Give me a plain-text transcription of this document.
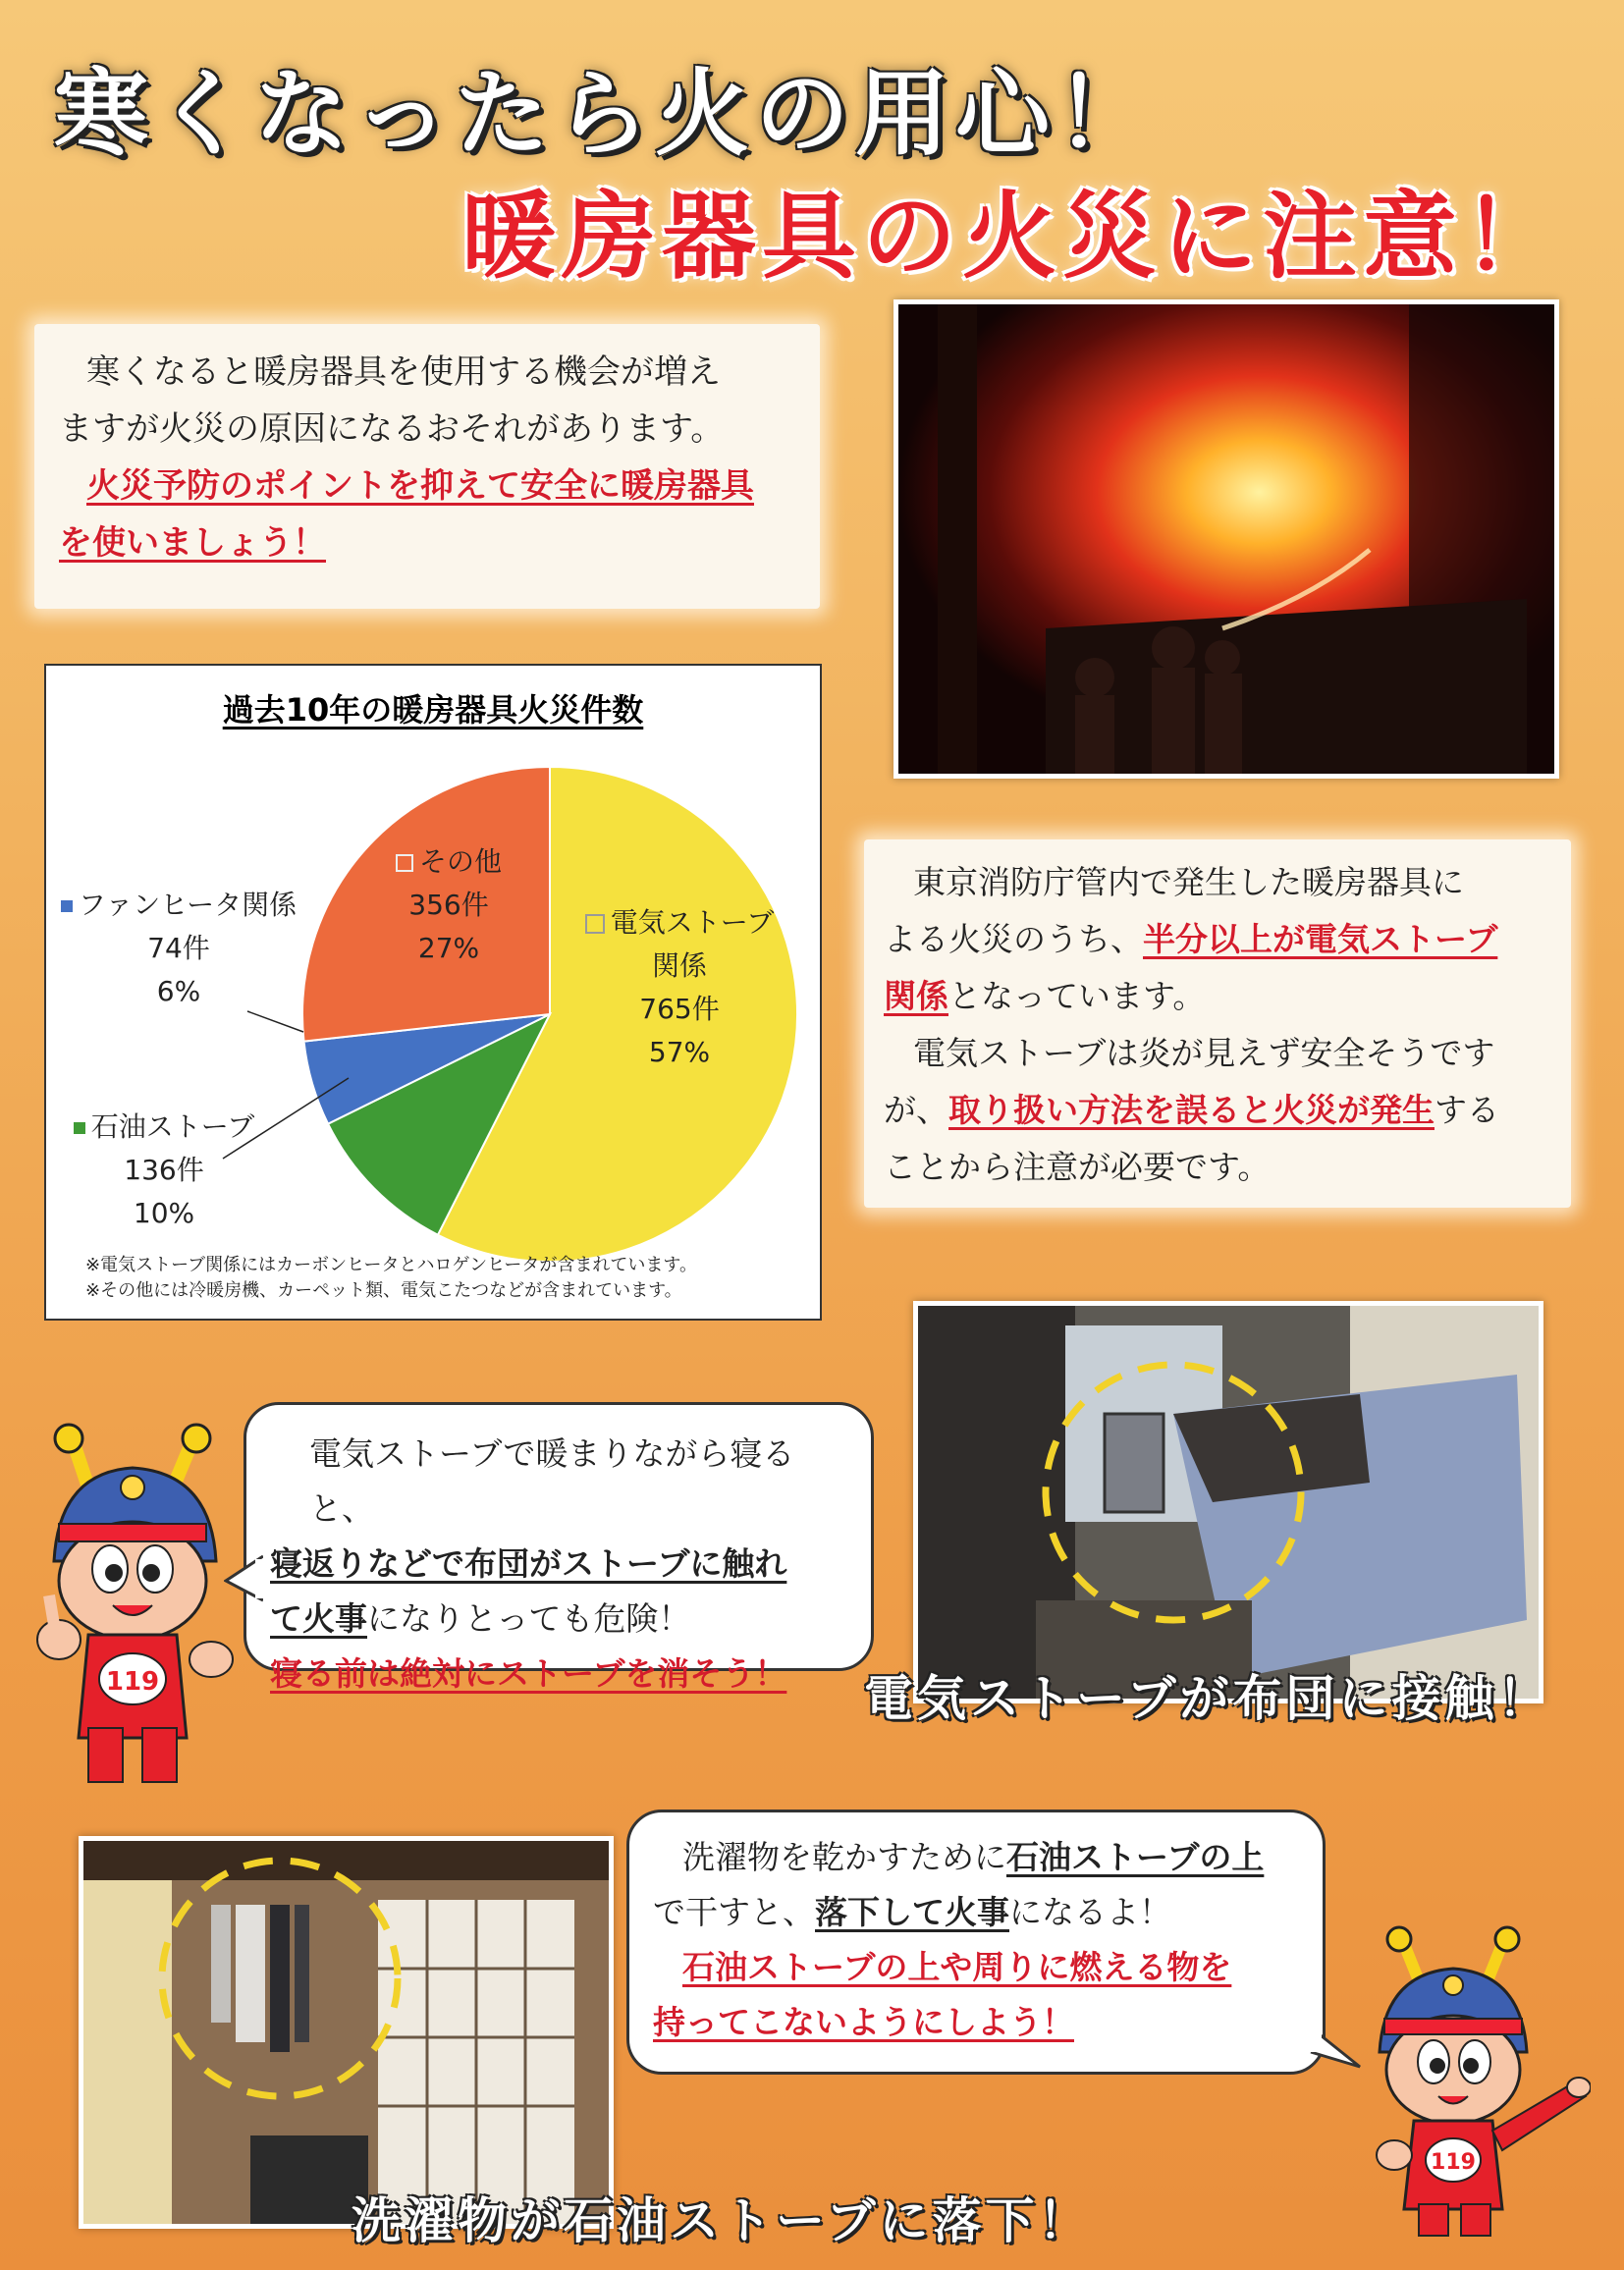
寒くなったら火の用心！
暖房器具の火災に注意！
寒くなると暖房器具を使用する機会が増え
ますが火災の原因になるおそれがあります。
火災予防のポイントを抑えて安全に暖房器具
を使いましょう！
過去10年の暖房器具火災件数
電気ストーブ
関係
765件
57%
その他
356件
27%
ファンヒータ関係
74件
6%
石油ストーブ
136件
10%
※電気ストーブ関係にはカーボンヒータとハロゲンヒータが含まれています。
※その他には冷暖房機、カーペット類、電気こたつなどが含まれています。
東京消防庁管内で発生した暖房器具に
よる火災のうち、半分以上が電気ストーブ
関係となっています。
電気ストーブは炎が見えず安全そうです
が、取り扱い方法を誤ると火災が発生する
ことから注意が必要です。
電気ストーブで暖まりながら寝ると、
寝返りなどで布団がストーブに触れ
て火事になりとっても危険！
寝る前は絶対にストーブを消そう！
119	電気ストーブが布団に接触！
洗濯物が石油ストーブに落下！
洗濯物を乾かすために石油ストーブの上
で干すと、落下して火事になるよ！
石油ストーブの上や周りに燃える物を
持ってこないようにしよう！
119
